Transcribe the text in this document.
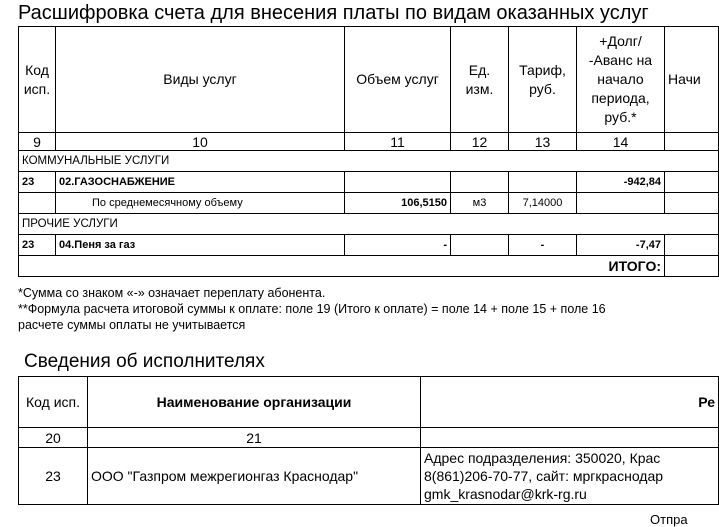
Расшифровка счета для внесения платы по видам оказанных услуг
Код исп.	Виды услуг	Объем услуг	Ед. изм.	Тариф, руб.	+Долг/ -Аванс на начало периода, руб.*	Начи
9	10	11	12	13	14	
КОММУНАЛЬНЫЕ УСЛУГИ						
23	02.ГАЗОСНАБЖЕНИЕ				-942,84	
	По среднемесячному объему	106,5150	м3	7,14000		
ПРОЧИЕ УСЛУГИ						
23	04.Пеня за газ	-		-	-7,47	
ИТОГО:						
*Сумма со знаком «-» означает переплату абонента.
**Формула расчета итоговой суммы к оплате: поле 19 (Итого к оплате) = поле 14 + поле 15 + поле 16
расчете суммы оплаты не учитывается
Сведения об исполнителях
Код исп.	Наименование организации	Ре
20	21	
23	ООО "Газпром межрегионгаз Краснодар"	Адрес подразделения: 350020, Крас
8(861)206-70-77, сайт: мргкраснодар
gmk_krasnodar@krk-rg.ru
Отпра
